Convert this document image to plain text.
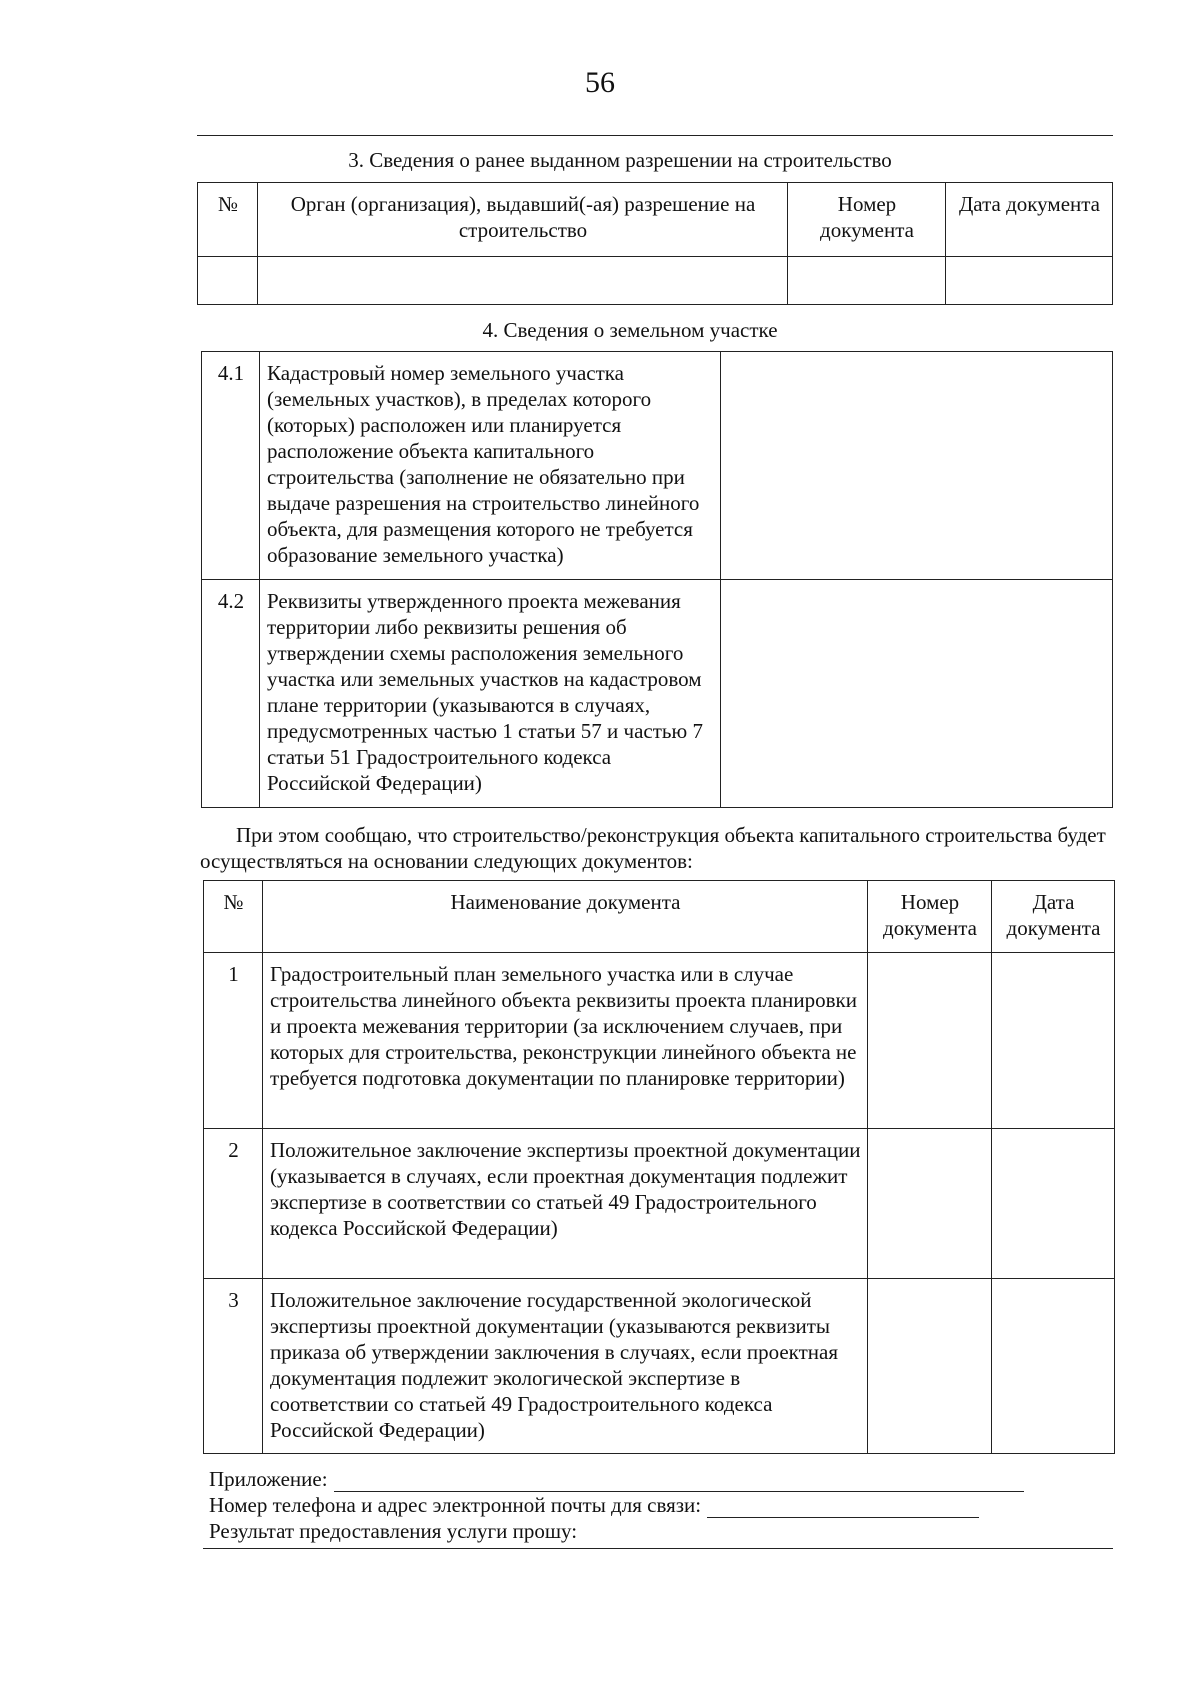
56
3. Сведения о ранее выданном разрешении на строительство
№	Орган (организация), выдавший(-ая) разрешение на строительство	Номер документа	Дата документа

4. Сведения о земельном участке
4.1	Кадастровый номер земельного участка (земельных участков), в пределах которого (которых) расположен или планируется расположение объекта капитального строительства (заполнение не обязательно при выдаче разрешения на строительство линейного объекта, для размещения которого не требуется образование земельного участка)	
4.2	Реквизиты утвержденного проекта межевания территории либо реквизиты решения об утверждении схемы расположения земельного участка или земельных участков на кадастровом плане территории (указываются в случаях, предусмотренных частью 1 статьи 57 и частью 7 статьи 51 Градостроительного кодекса Российской Федерации)	
При этом сообщаю, что строительство/реконструкция объекта капитального строительства будет осуществляться на основании следующих документов:
№	Наименование документа	Номер документа	Дата документа
1	Градостроительный план земельного участка или в случае строительства линейного объекта реквизиты проекта планировки и проекта межевания территории (за исключением случаев, при которых для строительства, реконструкции линейного объекта не требуется подготовка документации по планировке территории)		
2	Положительное заключение экспертизы проектной документации (указывается в случаях, если проектная документация подлежит экспертизе в соответствии со статьей 49 Градостроительного кодекса Российской Федерации)		
3	Положительное заключение государственной экологической экспертизы проектной документации (указываются реквизиты приказа об утверждении заключения в случаях, если проектная документация подлежит экологической экспертизе в соответствии со статьей 49 Градостроительного кодекса Российской Федерации)		
Приложение:
Номер телефона и адрес электронной почты для связи:
Результат предоставления услуги прошу:
